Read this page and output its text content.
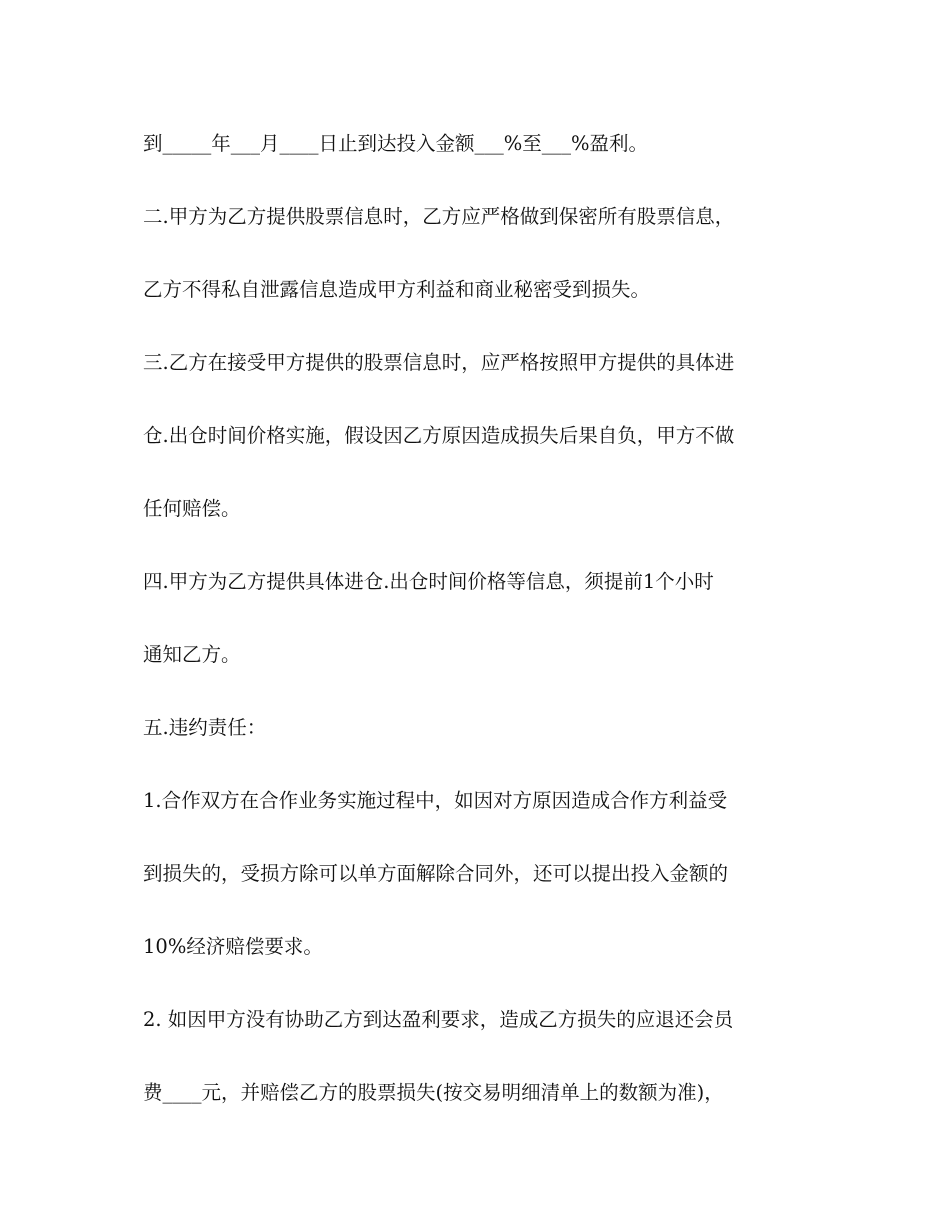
到_____年___月____日止到达投入金额___%至___%盈利。
二.甲方为乙方提供股票信息时，乙方应严格做到保密所有股票信息，
乙方不得私自泄露信息造成甲方利益和商业秘密受到损失。
三.乙方在接受甲方提供的股票信息时，应严格按照甲方提供的具体进
仓.出仓时间价格实施，假设因乙方原因造成损失后果自负，甲方不做
任何赔偿。
四.甲方为乙方提供具体进仓.出仓时间价格等信息，须提前1个小时
通知乙方。
五.违约责任：
1.合作双方在合作业务实施过程中，如因对方原因造成合作方利益受
到损失的，受损方除可以单方面解除合同外，还可以提出投入金额的
10%经济赔偿要求。
2. 如因甲方没有协助乙方到达盈利要求，造成乙方损失的应退还会员
费____元，并赔偿乙方的股票损失(按交易明细清单上的数额为准)，
